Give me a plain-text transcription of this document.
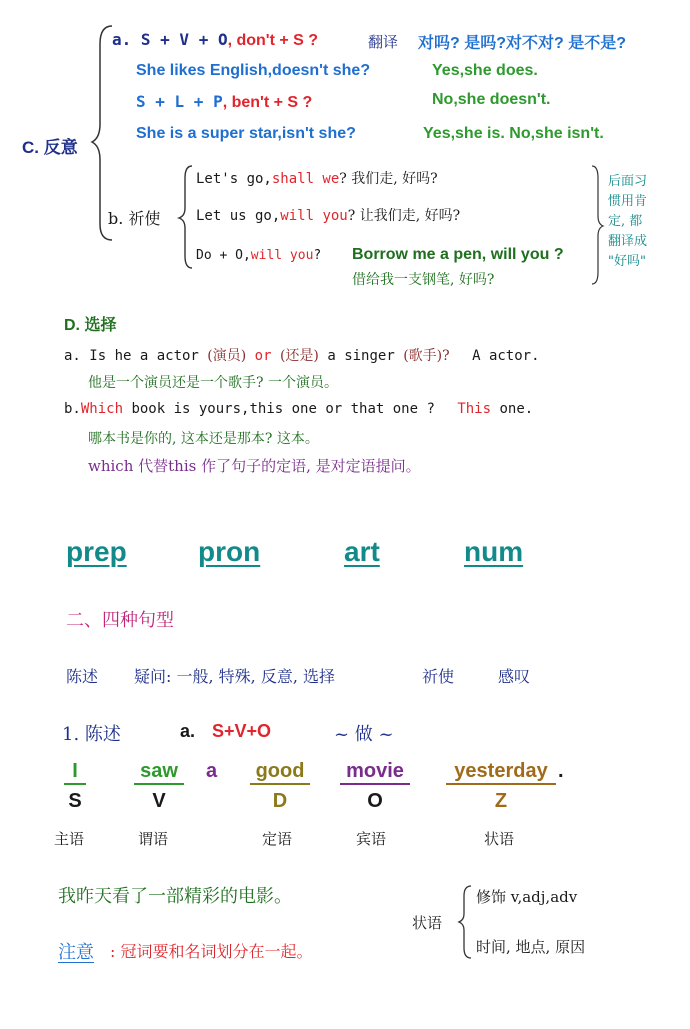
C. 反意
a. S + V + O, don't + S ?	翻译 对吗? 是吗?对不对? 是不是?
She likes English,doesn't she?	Yes,she does.
S + L + P, ben't + S ?	No,she doesn't.
She is a super star,isn't she?	Yes,she is. No,she isn't.
b. 祈使
Let's go,shall we? 我们走, 好吗?
Let us go,will you? 让我们走, 好吗?
Do + O,will you? Borrow me a pen, will you ?
借给我一支钢笔, 好吗?
后面习
惯用肯
定, 都
翻译成
"好吗"
D. 选择
a. Is he a actor (演员) or (还是) a singer (歌手)? A actor.
他是一个演员还是一个歌手? 一个演员。
b.Which book is yours,this one or that one ? This one.
哪本书是你的, 这本还是那本? 这本。
which 代替this 作了句子的定语, 是对定语提问。
prep	pron	art	num
二、四种句型
陈述 疑问: 一般, 特殊, 反意, 选择	祈使	感叹
1. 陈述	a. S+V+O	~ 做 ~
I	saw	a good	movie	yesterday .
S	V	D	O	Z
主语	谓语	定语	宾语	状语
我昨天看了一部精彩的电影。
注意 : 冠词要和名词划分在一起。
状语
修饰 v,adj,adv
时间, 地点, 原因
